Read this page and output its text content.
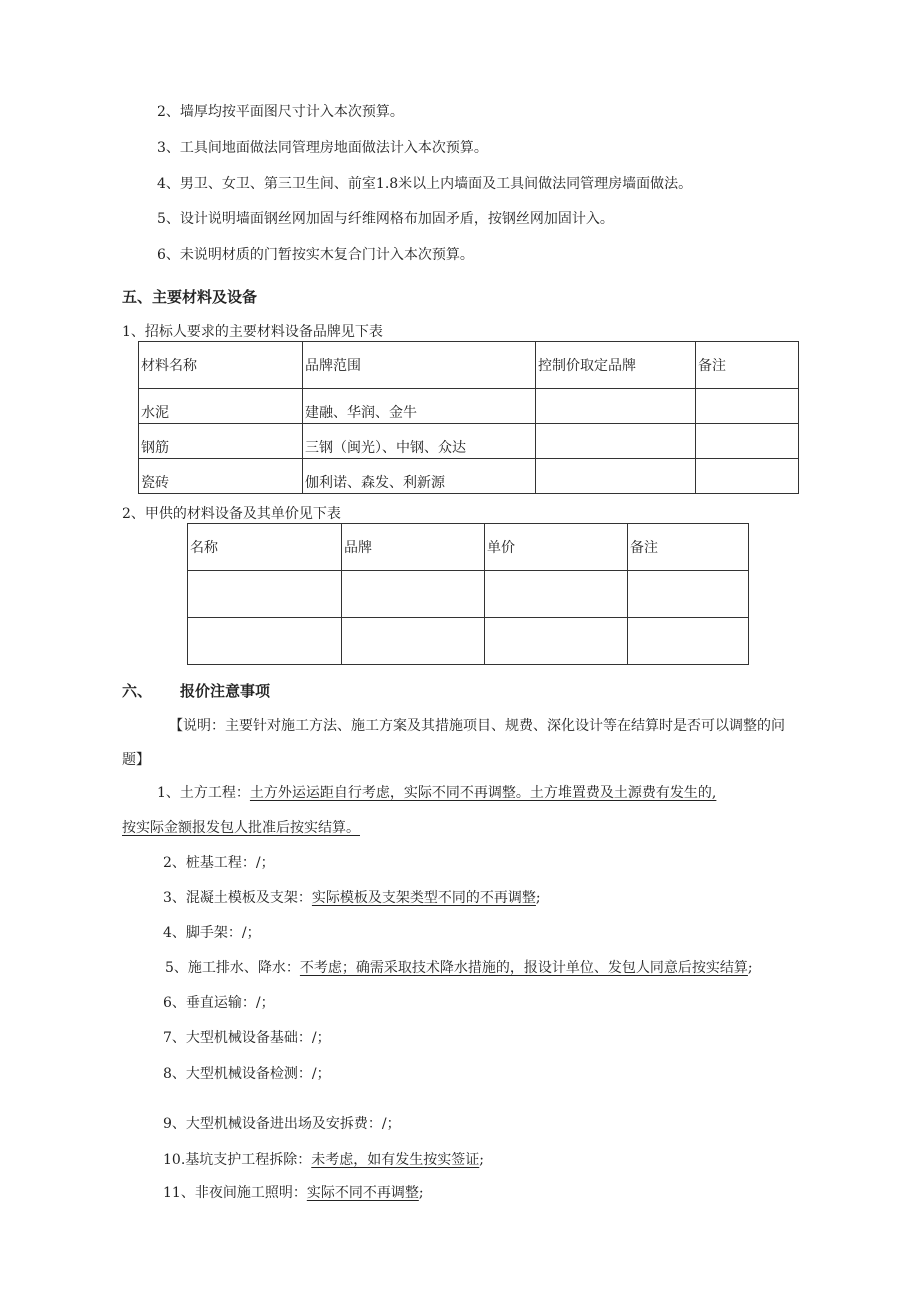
2、墙厚均按平面图尺寸计入本次预算。
3、工具间地面做法同管理房地面做法计入本次预算。
4、男卫、女卫、第三卫生间、前室1.8米以上内墙面及工具间做法同管理房墙面做法。
5、设计说明墙面钢丝网加固与纤维网格布加固矛盾，按钢丝网加固计入。
6、未说明材质的门暂按实木复合门计入本次预算。
五、主要材料及设备
1、招标人要求的主要材料设备品牌见下表
材料名称	品牌范围	控制价取定品牌	备注

水泥	建融、华润、金牛		

钢筋	三钢（闽光）、中钢、众达		

瓷砖	伽利诺、森发、利新源		

2、甲供的材料设备及其单价见下表
名称	品牌	单价	备注

六、 报价注意事项
【说明：主要针对施工方法、施工方案及其措施项目、规费、深化设计等在结算时是否可以调整的问
题】
1、土方工程：土方外运运距自行考虑，实际不同不再调整。土方堆置费及土源费有发生的,
按实际金额报发包人批准后按实结算。
2、桩基工程：/；
3、混凝土模板及支架：实际模板及支架类型不同的不再调整;
4、脚手架：/；
5、施工排水、降水：不考虑；确需采取技术降水措施的，报设计单位、发包人同意后按实结算;
6、垂直运输：/；
7、大型机械设备基础：/；
8、大型机械设备检测：/；
9、大型机械设备进出场及安拆费：/；
10.基坑支护工程拆除：未考虑，如有发生按实签证;
11、非夜间施工照明：实际不同不再调整;
